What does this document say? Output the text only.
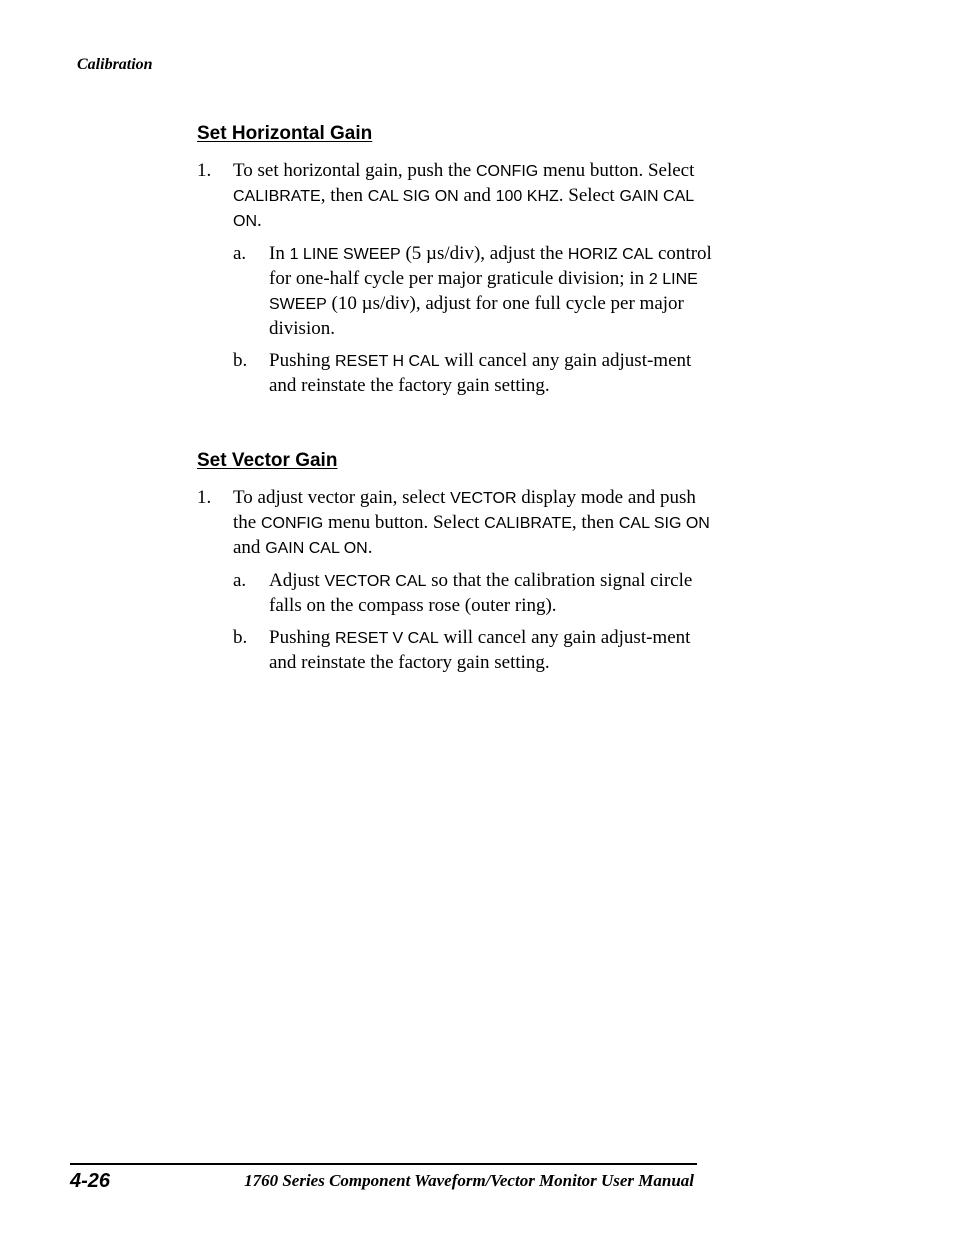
Calibration
Set Horizontal Gain

1. To set horizontal gain, push the CONFIG menu button. Select CALIBRATE, then CAL SIG ON and 100 KHZ. Select GAIN CAL ON.

a. In 1 LINE SWEEP (5 µs/div), adjust the HORIZ CAL control for one-half cycle per major graticule division; in 2 LINE SWEEP (10 µs/div), adjust for one full cycle per major division.

b. Pushing RESET H CAL will cancel any gain adjust-ment and reinstate the factory gain setting.

Set Vector Gain

1. To adjust vector gain, select VECTOR display mode and push the CONFIG menu button. Select CALIBRATE, then CAL SIG ON and GAIN CAL ON.

a. Adjust VECTOR CAL so that the calibration signal circle falls on the compass rose (outer ring).

b. Pushing RESET V CAL will cancel any gain adjust-ment and reinstate the factory gain setting.

4-26	1760 Series Component Waveform/Vector Monitor User Manual
